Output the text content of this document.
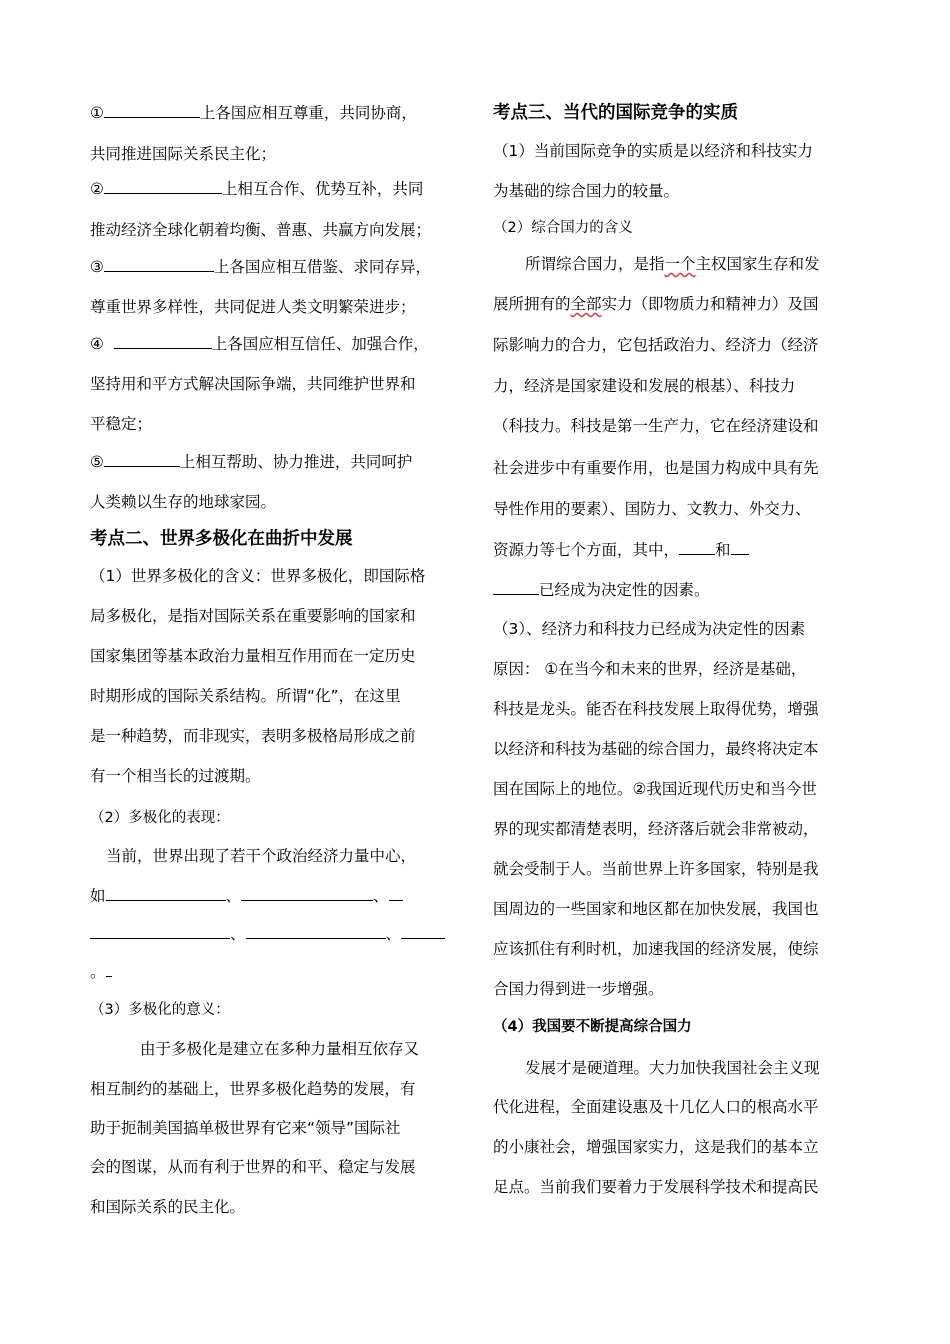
①	上各国应相互尊重，共同协商，
共同推进国际关系民主化；
②	上相互合作、优势互补，共同
推动经济全球化朝着均衡、普惠、共赢方向发展；
③	上各国应相互借鉴、求同存异，
尊重世界多样性，共同促进人类文明繁荣进步；
④	上各国应相互信任、加强合作，
坚持用和平方式解决国际争端，共同维护世界和
平稳定；
⑤	上相互帮助、协力推进，共同呵护
人类赖以生存的地球家园。
考点二、世界多极化在曲折中发展
（1）世界多极化的含义：世界多极化，即国际格
局多极化，是指对国际关系在重要影响的国家和
国家集团等基本政治力量相互作用而在一定历史
时期形成的国际关系结构。所谓“化”，在这里
是一种趋势，而非现实，表明多极格局形成之前
有一个相当长的过渡期。
（2）多极化的表现：
当前，世界出现了若干个政治经济力量中心，
如	、	、
、	、
。
（3）多极化的意义：
由于多极化是建立在多种力量相互依存又
相互制约的基础上，世界多极化趋势的发展，有
助于扼制美国搞单极世界有它来“领导”国际社
会的图谋，从而有利于世界的和平、稳定与发展
和国际关系的民主化。
考点三、当代的国际竞争的实质
（1）当前国际竞争的实质是以经济和科技实力
为基础的综合国力的较量。
（2）综合国力的含义
所谓综合国力，是指一个主权国家生存和发
展所拥有的全部实力（即物质力和精神力）及国
际影响力的合力，它包括政治力、经济力（经济
力，经济是国家建设和发展的根基）、科技力
（科技力。科技是第一生产力，它在经济建设和
社会进步中有重要作用，也是国力构成中具有先
导性作用的要素）、国防力、文教力、外交力、
资源力等七个方面，其中， 和
已经成为决定性的因素。
（3）、经济力和科技力已经成为决定性的因素
原因： ①在当今和未来的世界，经济是基础，
科技是龙头。能否在科技发展上取得优势，增强
以经济和科技为基础的综合国力，最终将决定本
国在国际上的地位。②我国近现代历史和当今世
界的现实都清楚表明，经济落后就会非常被动，
就会受制于人。当前世界上许多国家，特别是我
国周边的一些国家和地区都在加快发展，我国也
应该抓住有利时机，加速我国的经济发展，使综
合国力得到进一步增强。
（4）我国要不断提高综合国力
发展才是硬道理。大力加快我国社会主义现
代化进程，全面建设惠及十几亿人口的根高水平
的小康社会，增强国家实力，这是我们的基本立
足点。当前我们要着力于发展科学技术和提高民
